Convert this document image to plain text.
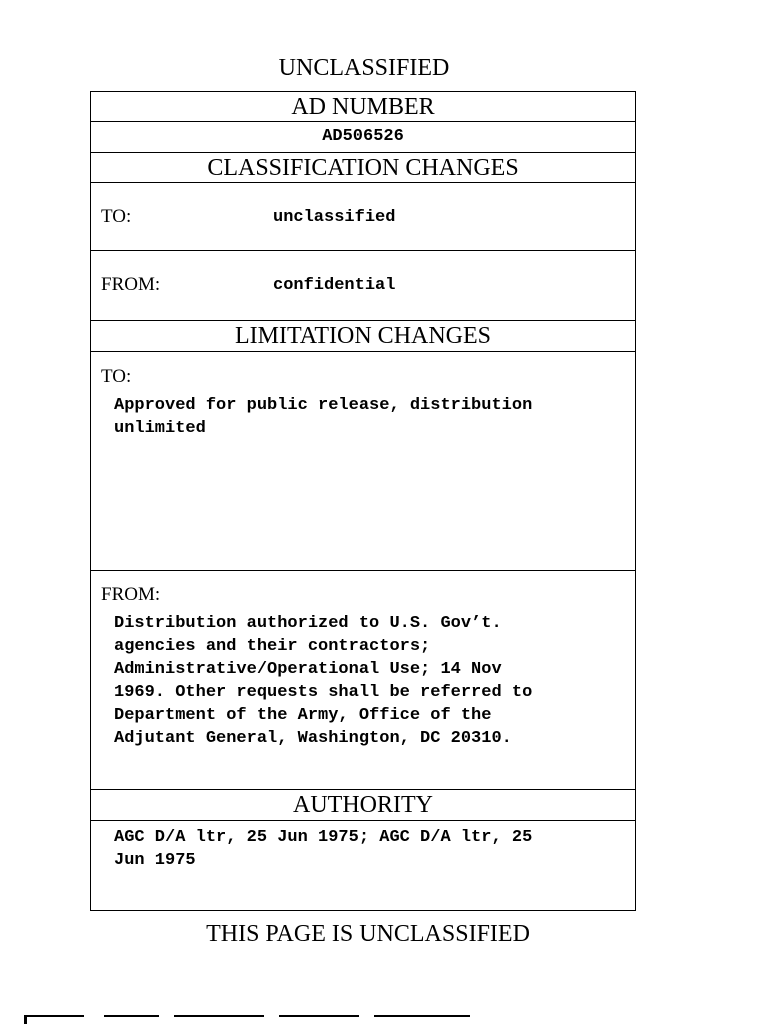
UNCLASSIFIED
AD NUMBER
AD506526
CLASSIFICATION CHANGES
TO:	unclassified
FROM:	confidential
LIMITATION CHANGES
TO:
Approved for public release, distribution
unlimited
FROM:
Distribution authorized to U.S. Gov’t.
agencies and their contractors;
Administrative/Operational Use; 14 Nov
1969. Other requests shall be referred to
Department of the Army, Office of the
Adjutant General, Washington, DC 20310.
AUTHORITY
AGC D/A ltr, 25 Jun 1975; AGC D/A ltr, 25
Jun 1975
THIS PAGE IS UNCLASSIFIED
